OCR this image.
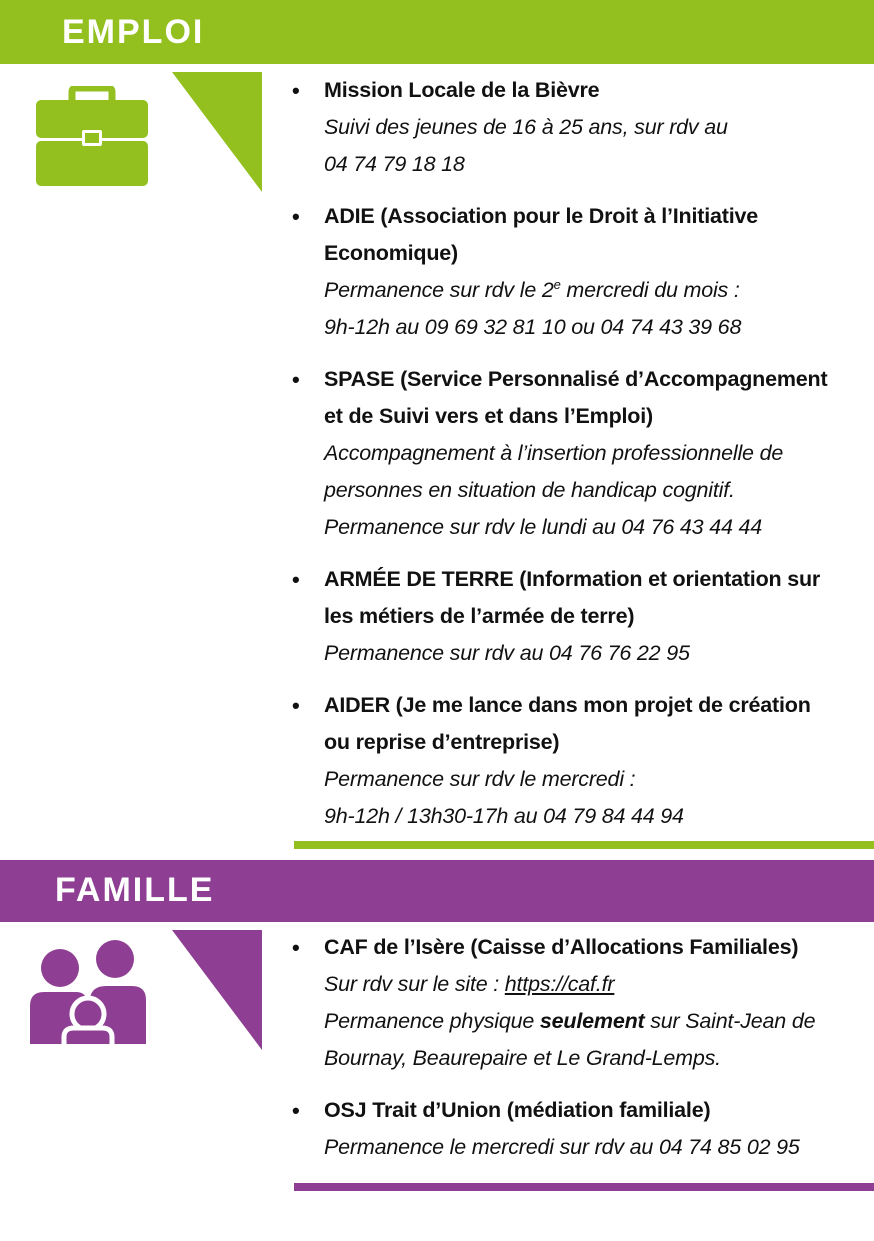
EMPLOI
• Mission Locale de la Bièvre
Suivi des jeunes de 16 à 25 ans, sur rdv au
04 74 79 18 18
• ADIE (Association pour le Droit à l’Initiative
Economique)
Permanence sur rdv le 2e mercredi du mois :
9h-12h au 09 69 32 81 10 ou 04 74 43 39 68
• SPASE (Service Personnalisé d’Accompagnement
et de Suivi vers et dans l’Emploi)
Accompagnement à l’insertion professionnelle de
personnes en situation de handicap cognitif.
Permanence sur rdv le lundi au 04 76 43 44 44
• ARMÉE DE TERRE (Information et orientation sur
les métiers de l’armée de terre)
Permanence sur rdv au 04 76 76 22 95
• AIDER (Je me lance dans mon projet de création
ou reprise d’entreprise)
Permanence sur rdv le mercredi :
9h-12h / 13h30-17h au 04 79 84 44 94
FAMILLE
• CAF de l’Isère (Caisse d’Allocations Familiales)
Sur rdv sur le site : https://caf.fr
Permanence physique seulement sur Saint-Jean de
Bournay, Beaurepaire et Le Grand-Lemps.
• OSJ Trait d’Union (médiation familiale)
Permanence le mercredi sur rdv au 04 74 85 02 95
